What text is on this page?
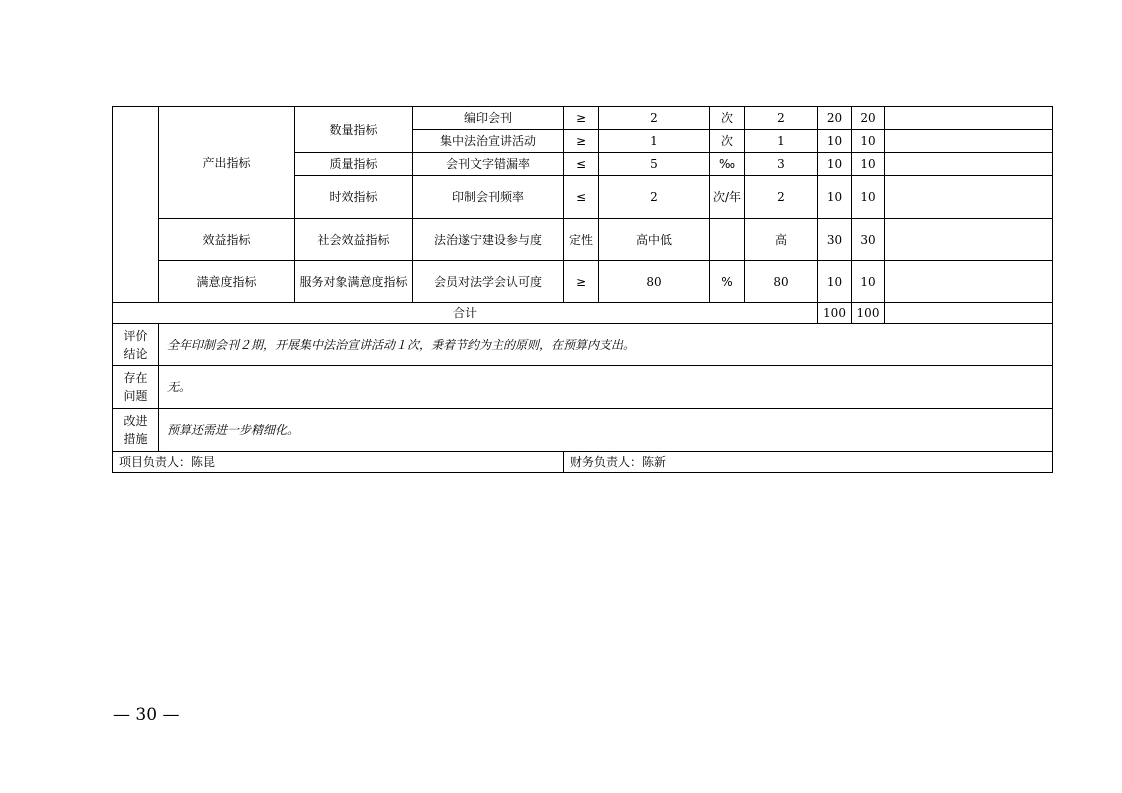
	产出指标	数量指标	编印会刊	≥	2	次	2	20	20	
			集中法治宣讲活动	≥	1	次	1	10	10	
		质量指标	会刊文字错漏率	≤	5	‰	3	10	10	
		时效指标	印制会刊频率	≤	2	次/年	2	10	10	
	效益指标	社会效益指标	法治遂宁建设参与度	定性	高中低		高	30	30	
	满意度指标	服务对象满意度指标	会员对法学会认可度	≥	80	%	80	10	10	
合计								100	100	
评价结论	全年印制会刊２期，开展集中法治宣讲活动１次，秉着节约为主的原则，在预算内支出。									
存在问题	无。									
改进措施	预算还需进一步精细化。									
项目负责人：陈昆				财务负责人：陈新						
— 30 —
